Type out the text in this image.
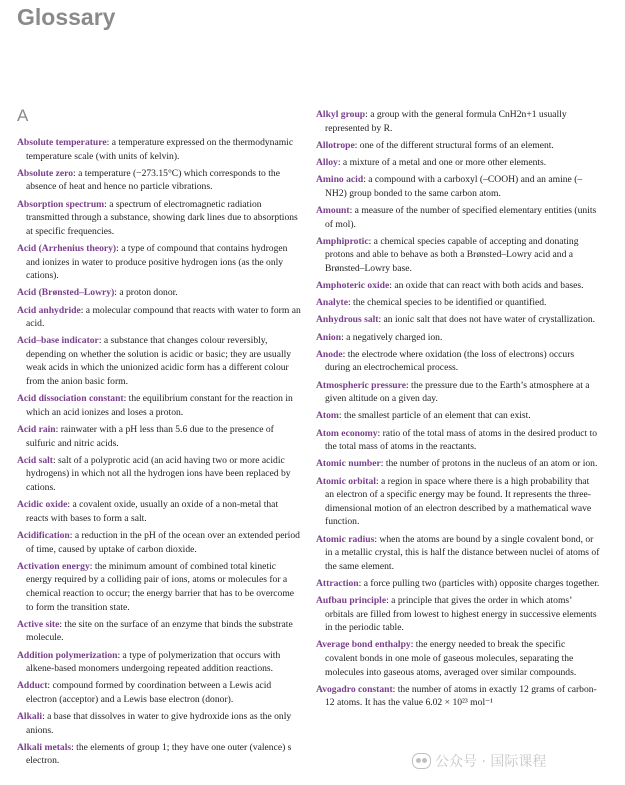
Glossary
A
Absolute temperature: a temperature expressed on the thermodynamic temperature scale (with units of kelvin).
Absolute zero: a temperature (−273.15°C) which corresponds to the absence of heat and hence no particle vibrations.
Absorption spectrum: a spectrum of electromagnetic radiation transmitted through a substance, showing dark lines due to absorptions at specific frequencies.
Acid (Arrhenius theory): a type of compound that contains hydrogen and ionizes in water to produce positive hydrogen ions (as the only cations).
Acid (Brønsted–Lowry): a proton donor.
Acid anhydride: a molecular compound that reacts with water to form an acid.
Acid–base indicator: a substance that changes colour reversibly, depending on whether the solution is acidic or basic; they are usually weak acids in which the unionized acidic form has a different colour from the anion basic form.
Acid dissociation constant: the equilibrium constant for the reaction in which an acid ionizes and loses a proton.
Acid rain: rainwater with a pH less than 5.6 due to the presence of sulfuric and nitric acids.
Acid salt: salt of a polyprotic acid (an acid having two or more acidic hydrogens) in which not all the hydrogen ions have been replaced by cations.
Acidic oxide: a covalent oxide, usually an oxide of a non-metal that reacts with bases to form a salt.
Acidification: a reduction in the pH of the ocean over an extended period of time, caused by uptake of carbon dioxide.
Activation energy: the minimum amount of combined total kinetic energy required by a colliding pair of ions, atoms or molecules for a chemical reaction to occur; the energy barrier that has to be overcome to form the transition state.
Active site: the site on the surface of an enzyme that binds the substrate molecule.
Addition polymerization: a type of polymerization that occurs with alkene-based monomers undergoing repeated addition reactions.
Adduct: compound formed by coordination between a Lewis acid electron (acceptor) and a Lewis base electron (donor).
Alkali: a base that dissolves in water to give hydroxide ions as the only anions.
Alkali metals: the elements of group 1; they have one outer (valence) s electron.
Alkyl group: a group with the general formula CnH2n+1 usually represented by R.
Allotrope: one of the different structural forms of an element.
Alloy: a mixture of a metal and one or more other elements.
Amino acid: a compound with a carboxyl (–COOH) and an amine (–NH2) group bonded to the same carbon atom.
Amount: a measure of the number of specified elementary entities (units of mol).
Amphiprotic: a chemical species capable of accepting and donating protons and able to behave as both a Brønsted–Lowry acid and a Brønsted–Lowry base.
Amphoteric oxide: an oxide that can react with both acids and bases.
Analyte: the chemical species to be identified or quantified.
Anhydrous salt: an ionic salt that does not have water of crystallization.
Anion: a negatively charged ion.
Anode: the electrode where oxidation (the loss of electrons) occurs during an electrochemical process.
Atmospheric pressure: the pressure due to the Earth’s atmosphere at a given altitude on a given day.
Atom: the smallest particle of an element that can exist.
Atom economy: ratio of the total mass of atoms in the desired product to the total mass of atoms in the reactants.
Atomic number: the number of protons in the nucleus of an atom or ion.
Atomic orbital: a region in space where there is a high probability that an electron of a specific energy may be found. It represents the three-dimensional motion of an electron described by a mathematical wave function.
Atomic radius: when the atoms are bound by a single covalent bond, or in a metallic crystal, this is half the distance between nuclei of atoms of the same element.
Attraction: a force pulling two (particles with) opposite charges together.
Aufbau principle: a principle that gives the order in which atoms’ orbitals are filled from lowest to highest energy in successive elements in the periodic table.
Average bond enthalpy: the energy needed to break the specific covalent bonds in one mole of gaseous molecules, separating the molecules into gaseous atoms, averaged over similar compounds.
Avogadro constant: the number of atoms in exactly 12 grams of carbon-12 atoms. It has the value 6.02 × 10²³ mol⁻¹
公众号 · 国际课程
